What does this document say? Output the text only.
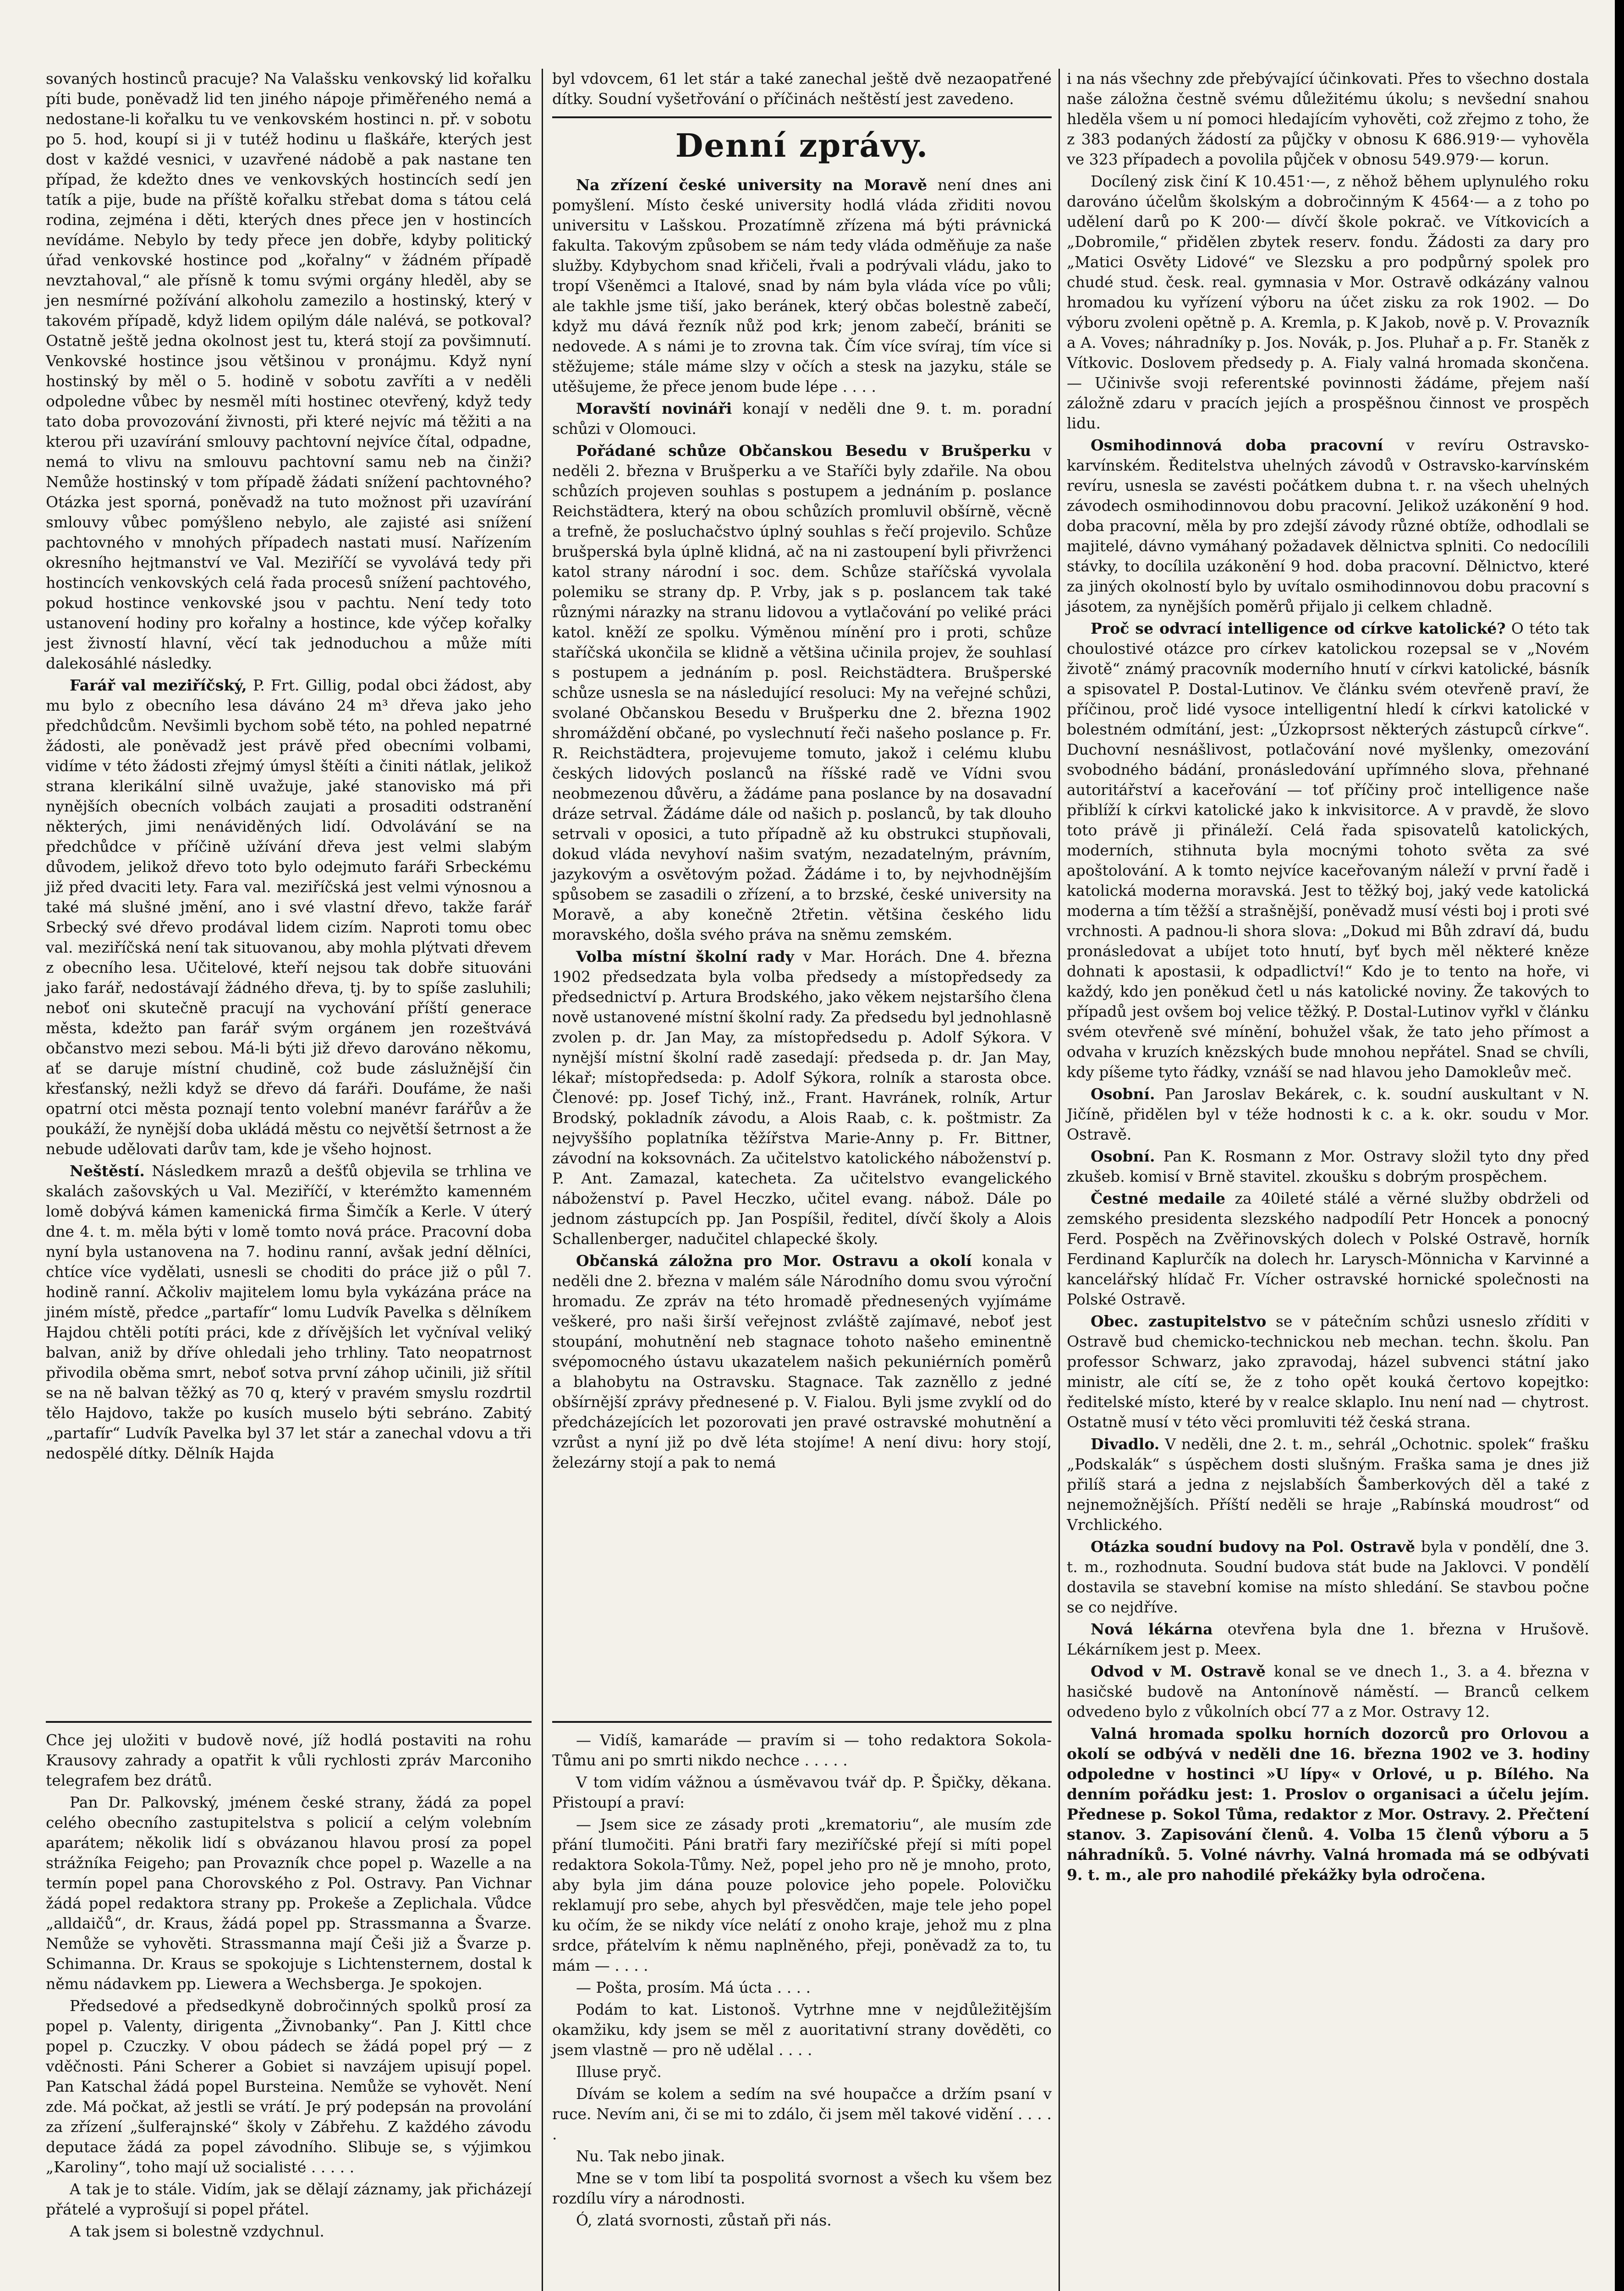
sovaných hostinců pracuje? Na Valašsku venkovský lid kořalku píti bude, poněvadž lid ten jiného nápoje přiměřeného nemá a nedostane-li kořalku tu ve venkovském hostinci n. př. v sobotu po 5. hod, koupí si ji v tutéž hodinu u flaškáře, kterých jest dost v každé vesnici, v uzavřené nádobě a pak nastane ten případ, že kdežto dnes ve venkovských hostincích sedí jen tatík a pije, bude na příště kořalku střebat doma s tátou celá rodina, zejména i děti, kterých dnes přece jen v hostincích nevídáme. Nebylo by tedy přece jen dobře, kdyby politický úřad venkovské hostince pod „kořalny“ v žádném případě nevztahoval,“ ale přísně k tomu svými orgány hleděl, aby se jen nesmírné požívání alkoholu zamezilo a hostinský, který v takovém případě, když lidem opilým dále nalévá, se potkoval? Ostatně ještě jedna okolnost jest tu, která stojí za povšimnutí. Venkovské hostince jsou většinou v pronájmu. Když nyní hostinský by měl o 5. hodině v sobotu zavříti a v neděli odpoledne vůbec by nesměl míti hostinec otevřený, když tedy tato doba provozování živnosti, při které nejvíc má těžiti a na kterou při uzavírání smlouvy pachtovní nejvíce čítal, odpadne, nemá to vlivu na smlouvu pachtovní samu neb na činži? Nemůže hostinský v tom případě žádati snížení pachtovného? Otázka jest sporná, poněvadž na tuto možnost při uzavírání smlouvy vůbec pomýšleno nebylo, ale zajisté asi snížení pachtovného v mnohých případech nastati musí. Nařízením okresního hejtmanství ve Val. Meziříčí se vyvolává tedy při hostincích venkovských celá řada procesů snížení pachtového, pokud hostince venkovské jsou v pachtu. Není tedy toto ustanovení hodiny pro kořalny a hostince, kde výčep kořalky jest živností hlavní, věcí tak jednoduchou a může míti dalekosáhlé následky.

Farář val meziříčský, P. Frt. Gillig, podal obci žádost, aby mu bylo z obecního lesa dáváno 24 m³ dřeva jako jeho předchůdcům. Nevšimli bychom sobě této, na pohled nepatrné žádosti, ale poněvadž jest právě před obecními volbami, vidíme v této žádosti zřejmý úmysl štěíti a činiti nátlak, jelikož strana klerikální silně uvažuje, jaké stanovisko má při nynějších obecních volbách zaujati a prosaditi odstranění některých, jimi nenáviděných lidí. Odvolávání se na předchůdce v příčině užívání dřeva jest velmi slabým důvodem, jelikož dřevo toto bylo odejmuto faráři Srbeckému již před dvaciti lety. Fara val. meziříčská jest velmi výnosnou a také má slušné jmění, ano i své vlastní dřevo, takže farář Srbecký své dřevo prodával lidem cizím. Naproti tomu obec val. meziříčská není tak situovanou, aby mohla plýtvati dřevem z obecního lesa. Učitelové, kteří nejsou tak dobře situováni jako farář, nedostávají žádného dřeva, tj. by to spíše zasluhili; neboť oni skutečně pracují na vychování příští generace města, kdežto pan farář svým orgánem jen rozeštvává občanstvo mezi sebou. Má-li býti již dřevo darováno někomu, ať se daruje místní chudině, což bude záslužnější čin křesťanský, nežli když se dřevo dá faráři. Doufáme, že naši opatrní otci města poznají tento volební manévr farářův a že poukáží, že nynější doba ukládá městu co největší šetrnost a že nebude udělovati darův tam, kde je všeho hojnost.

Neštěstí. Následkem mrazů a dešťů objevila se trhlina ve skalách zašovských u Val. Meziříčí, v kterémžto kamenném lomě dobývá kámen kamenická firma Šimčík a Kerle. V úterý dne 4. t. m. měla býti v lomě tomto nová práce. Pracovní doba nyní byla ustanovena na 7. hodinu ranní, avšak jední dělníci, chtíce více vydělati, usnesli se choditi do práce již o půl 7. hodině ranní. Ačkoliv majitelem lomu byla vykázána práce na jiném místě, předce „partafír“ lomu Ludvík Pavelka s dělníkem Hajdou chtěli potíti práci, kde z dřívějších let vyčníval veliký balvan, aniž by dříve ohledali jeho trhliny. Tato neopatrnost přivodila oběma smrt, neboť sotva první záhop učinili, již sřítil se na ně balvan těžký as 70 q, který v pravém smyslu rozdrtil tělo Hajdovo, takže po kusích muselo býti sebráno. Zabitý „partafír“ Ludvík Pavelka byl 37 let stár a zanechal vdovu a tři nedospělé dítky. Dělník Hajda

byl vdovcem, 61 let stár a také zanechal ještě dvě nezaopatřené dítky. Soudní vyšetřování o příčinách neštěstí jest zavedeno.

Denní zprávy.

Na zřízení české university na Moravě není dnes ani pomyšlení. Místo české university hodlá vláda zřiditi novou universitu v Lašskou. Prozatímně zřízena má býti právnická fakulta. Takovým způsobem se nám tedy vláda odměňuje za naše služby. Kdybychom snad křičeli, řvali a podrývali vládu, jako to tropí Všeněmci a Italové, snad by nám byla vláda více po vůli; ale takhle jsme tiší, jako beránek, který občas bolestně zabečí, když mu dává řezník nůž pod krk; jenom zabečí, brániti se nedovede. A s námi je to zrovna tak. Čím více svíraj, tím více si stěžujeme; stále máme slzy v očích a stesk na jazyku, stále se utěšujeme, že přece jenom bude lépe . . . .

Moravští novináři konají v neděli dne 9. t. m. poradní schůzi v Olomouci.

Pořádané schůze Občanskou Besedu v Brušperku v neděli 2. března v Brušperku a ve Staříči byly zdařile. Na obou schůzích projeven souhlas s postupem a jednáním p. poslance Reichstädtera, který na obou schůzích promluvil obšírně, věcně a trefně, že posluchačstvo úplný souhlas s řečí projevilo. Schůze brušperská byla úplně klidná, ač na ni zastoupení byli přivrženci katol strany národní i soc. dem. Schůze staříčská vyvolala polemiku se strany dp. P. Vrby, jak s p. poslancem tak také různými nárazky na stranu lidovou a vytlačování po veliké práci katol. kněží ze spolku. Výměnou mínění pro i proti, schůze staříčská ukončila se klidně a většina učinila projev, že souhlasí s postupem a jednáním p. posl. Reichstädtera. Brušperské schůze usnesla se na následující resoluci: My na veřejné schůzi, svolané Občanskou Besedu v Brušperku dne 2. března 1902 shromáždění občané, po vyslechnutí řeči našeho poslance p. Fr. R. Reichstädtera, projevujeme tomuto, jakož i celému klubu českých lidových poslanců na říšské radě ve Vídni svou neobmezenou důvěru, a žádáme pana poslance by na dosavadní dráze setrval. Žádáme dále od našich p. poslanců, by tak dlouho setrvali v oposici, a tuto případně až ku obstrukci stupňovali, dokud vláda nevyhoví našim svatým, nezadatelným, právním, jazykovým a osvětovým požad. Žádáme i to, by nejvhodnějším spůsobem se zasadili o zřízení, a to brzské, české university na Moravě, a aby konečně 2třetin. většina českého lidu moravského, došla svého práva na sněmu zemském.

Volba místní školní rady v Mar. Horách. Dne 4. března 1902 předsedzata byla volba předsedy a místopředsedy za předsednictví p. Artura Brodského, jako věkem nejstaršího člena nově ustanovené místní školní rady. Za předsedu byl jednohlasně zvolen p. dr. Jan May, za místopředsedu p. Adolf Sýkora. V nynější místní školní radě zasedají: předseda p. dr. Jan May, lékař; místopředseda: p. Adolf Sýkora, rolník a starosta obce. Členové: pp. Josef Tichý, inž., Frant. Havránek, rolník, Artur Brodský, pokladník závodu, a Alois Raab, c. k. poštmistr. Za nejvyššího poplatníka těžířstva Marie-Anny p. Fr. Bittner, závodní na koksovnách. Za učitelstvo katolického náboženství p. P. Ant. Zamazal, katecheta. Za učitelstvo evangelického náboženství p. Pavel Heczko, učitel evang. nábož. Dále po jednom zástupcích pp. Jan Pospíšil, ředitel, dívčí školy a Alois Schallenberger, nadučitel chlapecké školy.

Občanská záložna pro Mor. Ostravu a okolí konala v neděli dne 2. března v malém sále Národního domu svou výroční hromadu. Ze zpráv na této hromadě přednesených vyjímáme veškeré, pro naši širší veřejnost zvláště zajímavé, neboť jest stoupání, mohutnění neb stagnace tohoto našeho eminentně svépomocného ústavu ukazatelem našich pekuniérních poměrů a blahobytu na Ostravsku. Stagnace. Tak zazněllo z jedné obšírnější zprávy přednesené p. V. Fialou. Byli jsme zvyklí od do předcházejících let pozorovati jen pravé ostravské mohutnění a vzrůst a nyní již po dvě léta stojíme! A není divu: hory stojí, železárny stojí a pak to nemá

i na nás všechny zde přebývající účinkovati. Přes to všechno dostala naše záložna čestně svému důležitému úkolu; s nevšední snahou hleděla všem u ní pomoci hledajícím vyhověti, což zřejmo z toho, že z 383 podaných žádostí za půjčky v obnosu K 686.919·— vyhověla ve 323 případech a povolila půjček v obnosu 549.979·— korun.

Docílený zisk činí K 10.451·—, z něhož během uplynulého roku darováno účelům školským a dobročinným K 4564·— a z toho po udělení darů po K 200·— dívčí škole pokrač. ve Vítkovicích a „Dobromile,“ přidělen zbytek reserv. fondu. Žádosti za dary pro „Matici Osvěty Lidové“ ve Slezsku a pro podpůrný spolek pro chudé stud. česk. real. gymnasia v Mor. Ostravě odkázány valnou hromadou ku vyřízení výboru na účet zisku za rok 1902. — Do výboru zvoleni opětně p. A. Kremla, p. K Jakob, nově p. V. Provazník a A. Voves; náhradníky p. Jos. Novák, p. Jos. Pluhař a p. Fr. Staněk z Vítkovic. Doslovem předsedy p. A. Fialy valná hromada skončena. — Učinivše svoji referentské povinnosti žádáme, přejem naší záložně zdaru v pracích jejích a prospěšnou činnost ve prospěch lidu.

Osmihodinnová doba pracovní v revíru Ostravsko-karvínském. Ředitelstva uhelných závodů v Ostravsko-karvínském revíru, usnesla se zavésti počátkem dubna t. r. na všech uhelných závodech osmihodinnovou dobu pracovní. Jelikož uzákonění 9 hod. doba pracovní, měla by pro zdejší závody různé obtíže, odhodlali se majitelé, dávno vymáhaný požadavek dělnictva splniti. Co nedocílili stávky, to docílila uzákonění 9 hod. doba pracovní. Dělnictvo, které za jiných okolností bylo by uvítalo osmihodinnovou dobu pracovní s jásotem, za nynějších poměrů přijalo ji celkem chladně.

Proč se odvrací intelligence od církve katolické? O této tak choulostivé otázce pro církev katolickou rozepsal se v „Novém životě“ známý pracovník moderního hnutí v církvi katolické, básník a spisovatel P. Dostal-Lutinov. Ve článku svém otevřeně praví, že příčinou, proč lidé vysoce intelligentní hledí k církvi katolické v bolestném odmítání, jest: „Úzkoprsost některých zástupců církve“. Duchovní nesnášlivost, potlačování nové myšlenky, omezování svobodného bádání, pronásledování upřímného slova, přehnané autoritářství a kaceřování — toť příčiny proč intelligence naše přiblíží k církvi katolické jako k inkvisitorce. A v pravdě, že slovo toto právě ji přináleží. Celá řada spisovatelů katolických, moderních, stihnuta byla mocnými tohoto světa za své apoštolování. A k tomto nejvíce kaceřovaným náleží v první řadě i katolická moderna moravská. Jest to těžký boj, jaký vede katolická moderna a tím těžší a strašnější, poněvadž musí vésti boj i proti své vrchnosti. A padnou-li shora slova: „Dokud mi Bůh zdraví dá, budu pronásledovat a ubíjet toto hnutí, byť bych měl některé kněze dohnati k apostasii, k odpadlictví!“ Kdo je to tento na hoře, vi každý, kdo jen poněkud četl u nás katolické noviny. Že takových to případů jest ovšem boj velice těžký. P. Dostal-Lutinov vyřkl v článku svém otevřeně své mínění, bohužel však, že tato jeho přímost a odvaha v kruzích knězských bude mnohou nepřátel. Snad se chvíli, kdy píšeme tyto řádky, vznáší se nad hlavou jeho Damokleův meč.

Osobní. Pan Jaroslav Bekárek, c. k. soudní auskultant v N. Jičíně, přidělen byl v téže hodnosti k c. a k. okr. soudu v Mor. Ostravě.

Osobní. Pan K. Rosmann z Mor. Ostravy složil tyto dny před zkušeb. komisí v Brně stavitel. zkoušku s dobrým prospěchem.

Čestné medaile za 40ileté stálé a věrné služby obdrželi od zemského presidenta slezského nadpodílí Petr Honcek a ponocný Ferd. Pospěch na Zvěřinovských dolech v Polské Ostravě, horník Ferdinand Kaplurčík na dolech hr. Larysch-Mönnicha v Karvinné a kancelářský hlídač Fr. Vícher ostravské hornické společnosti na Polské Ostravě.

Obec. zastupitelstvo se v pátečním schůzi usneslo zříditi v Ostravě bud chemicko-technickou neb mechan. techn. školu. Pan professor Schwarz, jako zpravodaj, házel subvenci státní jako ministr, ale cítí se, že z toho opět kouká čertovo kopejtko: ředitelské místo, které by v realce sklaplo. Inu není nad — chytrost. Ostatně musí v této věci promluviti též česká strana.

Divadlo. V neděli, dne 2. t. m., sehrál „Ochotnic. spolek“ frašku „Podskalák“ s úspěchem dosti slušným. Fraška sama je dnes již přilíš stará a jedna z nejslabších Šamberkových děl a také z nejnemožnějších. Příští neděli se hraje „Rabínská moudrost“ od Vrchlického.

Otázka soudní budovy na Pol. Ostravě byla v pondělí, dne 3. t. m., rozhodnuta. Soudní budova stát bude na Jaklovci. V pondělí dostavila se stavební komise na místo shledání. Se stavbou počne se co nejdříve.

Nová lékárna otevřena byla dne 1. března v Hrušově. Lékárníkem jest p. Meex.

Odvod v M. Ostravě konal se ve dnech 1., 3. a 4. března v hasičské budově na Antonínově náměstí. — Branců celkem odvedeno bylo z vůkolních obcí 77 a z Mor. Ostravy 12.

Valná hromada spolku horních dozorců pro Orlovou a okolí se odbývá v neděli dne 16. března 1902 ve 3. hodiny odpoledne v hostinci »U lípy« v Orlové, u p. Bílého. Na denním pořádku jest: 1. Proslov o organisaci a účelu jejím. Přednese p. Sokol Tůma, redaktor z Mor. Ostravy. 2. Přečtení stanov. 3. Zapisování členů. 4. Volba 15 členů výboru a 5 náhradníků. 5. Volné návrhy. Valná hromada má se odbývati 9. t. m., ale pro nahodilé překážky byla odročena.

Chce jej uložiti v budově nové, jíž hodlá postaviti na rohu Krausovy zahrady a opatřit k vůli rychlosti zpráv Marconiho telegrafem bez drátů.

Pan Dr. Palkovský, jménem české strany, žádá za popel celého obecního zastupitelstva s policií a celým volebním aparátem; několik lidí s obvázanou hlavou prosí za popel strážníka Feigeho; pan Provazník chce popel p. Wazelle a na termín popel pana Chorovského z Pol. Ostravy. Pan Vichnar žádá popel redaktora strany pp. Prokeše a Zeplichala. Vůdce „alldaičů“, dr. Kraus, žádá popel pp. Strassmanna a Švarze. Nemůže se vyhověti. Strassmanna mají Češi již a Švarze p. Schimanna. Dr. Kraus se spokojuje s Lichtensternem, dostal k němu nádavkem pp. Liewera a Wechsberga. Je spokojen.

Předsedové a předsedkyně dobročinných spolků prosí za popel p. Valenty, dirigenta „Živnobanky“. Pan J. Kittl chce popel p. Czuczky. V obou pádech se žádá popel prý — z vděčnosti. Páni Scherer a Gobiet si navzájem upisují popel. Pan Katschal žádá popel Bursteina. Nemůže se vyhovět. Není zde. Má počkat, až jestli se vrátí. Je prý podepsán na provolání za zřízení „šulferajnské“ školy v Zábřehu. Z každého závodu deputace žádá za popel závodního. Slibuje se, s výjimkou „Karoliny“, toho mají už socialisté . . . . .

A tak je to stále. Vidím, jak se dělají záznamy, jak přicházejí přátelé a vyprošují si popel přátel.

A tak jsem si bolestně vzdychnul.

— Vidíš, kamaráde — pravím si — toho redaktora Sokola-Tůmu ani po smrti nikdo nechce . . . . .

V tom vidím vážnou a úsměvavou tvář dp. P. Špičky, děkana. Přistoupí a praví:

— Jsem sice ze zásady proti „krematoriu“, ale musím zde přání tlumočiti. Páni bratři fary meziříčské přejí si míti popel redaktora Sokola-Tůmy. Než, popel jeho pro ně je mnoho, proto, aby byla jim dána pouze polovice jeho popele. Polovičku reklamují pro sebe, ahych byl přesvědčen, maje tele jeho popel ku očím, že se nikdy více nelátí z onoho kraje, jehož mu z plna srdce, přátelvím k němu naplněného, přeji, poněvadž za to, tu mám — . . . .

— Pošta, prosím. Má úcta . . . .

Podám to kat. Listonoš. Vytrhne mne v nejdůležitějším okamžiku, kdy jsem se měl z auoritativní strany dověděti, co jsem vlastně — pro ně udělal . . . .

Illuse pryč.

Dívám se kolem a sedím na své houpačce a držím psaní v ruce. Nevím ani, či se mi to zdálo, či jsem měl takové vidění . . . . .

Nu. Tak nebo jinak.

Mne se v tom libí ta pospolitá svornost a všech ku všem bez rozdílu víry a národnosti.

Ó, zlatá svornosti, zůstaň při nás.
